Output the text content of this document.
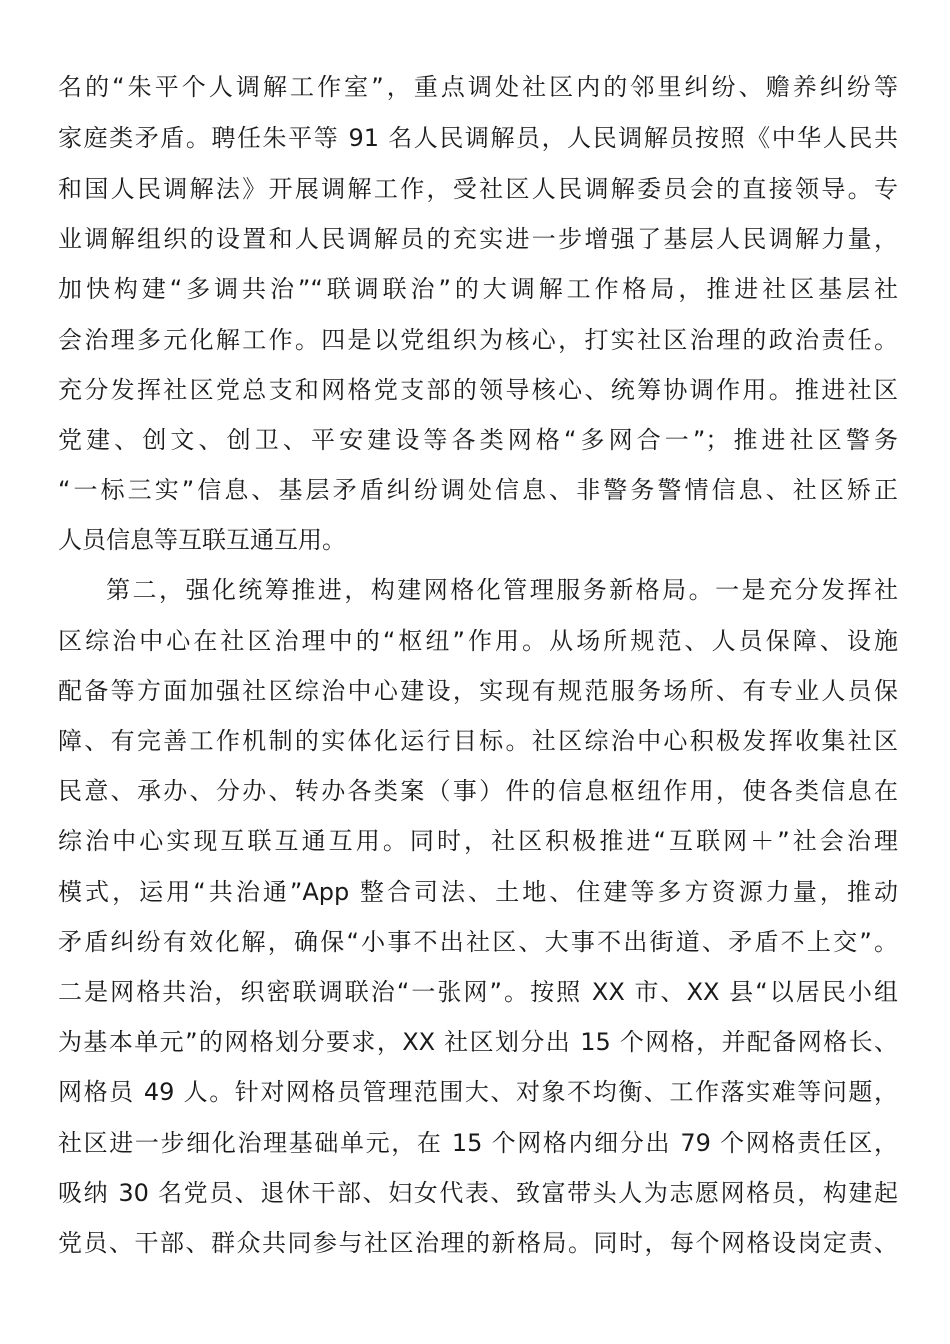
名的“朱平个人调解工作室”，重点调处社区内的邻里纠纷、赡养纠纷等
家庭类矛盾。聘任朱平等 91 名人民调解员，人民调解员按照《中华人民共
和国人民调解法》开展调解工作，受社区人民调解委员会的直接领导。专
业调解组织的设置和人民调解员的充实进一步增强了基层人民调解力量，
加快构建“多调共治”“联调联治”的大调解工作格局，推进社区基层社
会治理多元化解工作。四是以党组织为核心，打实社区治理的政治责任。
充分发挥社区党总支和网格党支部的领导核心、统筹协调作用。推进社区
党建、创文、创卫、平安建设等各类网格“多网合一”；推进社区警务
“一标三实”信息、基层矛盾纠纷调处信息、非警务警情信息、社区矫正
人员信息等互联互通互用。
第二，强化统筹推进，构建网格化管理服务新格局。一是充分发挥社
区综治中心在社区治理中的“枢纽”作用。从场所规范、人员保障、设施
配备等方面加强社区综治中心建设，实现有规范服务场所、有专业人员保
障、有完善工作机制的实体化运行目标。社区综治中心积极发挥收集社区
民意、承办、分办、转办各类案（事）件的信息枢纽作用，使各类信息在
综治中心实现互联互通互用。同时，社区积极推进“互联网＋”社会治理
模式，运用“共治通”App 整合司法、土地、住建等多方资源力量，推动
矛盾纠纷有效化解，确保“小事不出社区、大事不出街道、矛盾不上交”。
二是网格共治，织密联调联治“一张网”。按照 XX 市、XX 县“以居民小组
为基本单元”的网格划分要求，XX 社区划分出 15 个网格，并配备网格长、
网格员 49 人。针对网格员管理范围大、对象不均衡、工作落实难等问题，
社区进一步细化治理基础单元，在 15 个网格内细分出 79 个网格责任区，
吸纳 30 名党员、退休干部、妇女代表、致富带头人为志愿网格员，构建起
党员、干部、群众共同参与社区治理的新格局。同时，每个网格设岗定责、
